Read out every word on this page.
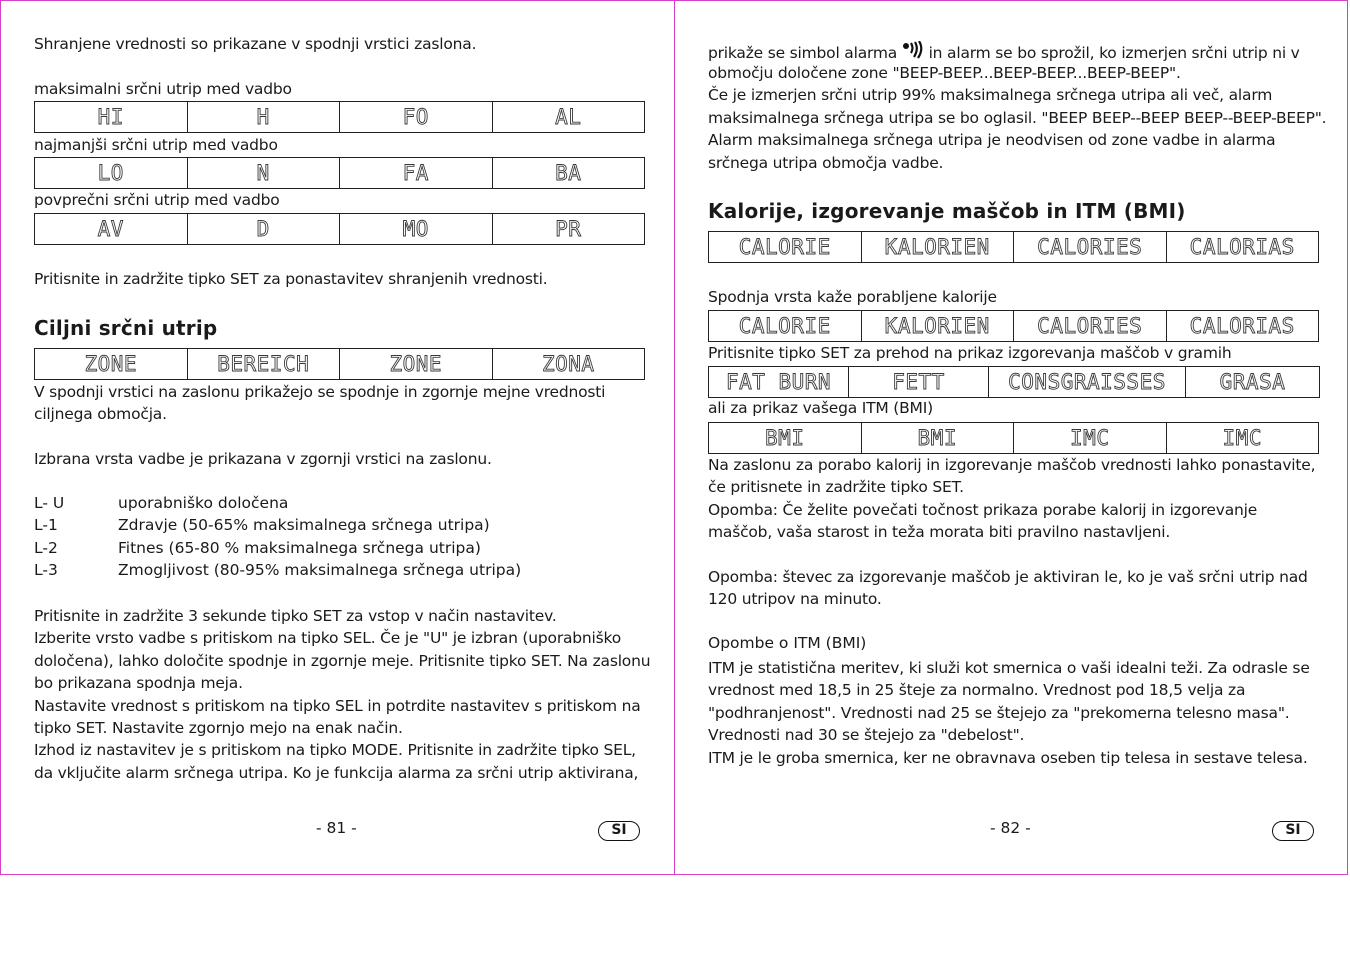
Shranjene vrednosti so prikazane v spodnji vrstici zaslona.
maksimalni srčni utrip med vadbo
HI	H	FO	AL
najmanjši srčni utrip med vadbo
LO	N	FA	BA
povprečni srčni utrip med vadbo
AV	D	MO	PR
Pritisnite in zadržite tipko SET za ponastavitev shranjenih vrednosti.
Ciljni srčni utrip
ZONE	BEREICH	ZONE	ZONA

V spodnji vrstici na zaslonu prikažejo se spodnje in zgornje mejne vrednosti

ciljnega območja.

Izbrana vrsta vadbe je prikazana v zgornji vrstici na zaslonu.
L- U	uporabniško določena
L-1	Zdravje (50-65% maksimalnega srčnega utripa)
L-2	Fitnes (65-80 % maksimalnega srčnega utripa)
L-3	Zmogljivost (80-95% maksimalnega srčnega utripa)

Pritisnite in zadržite 3 sekunde tipko SET za vstop v način nastavitev.

Izberite vrsto vadbe s pritiskom na tipko SEL. Če je "U" je izbran (uporabniško

določena), lahko določite spodnje in zgornje meje. Pritisnite tipko SET. Na zaslonu

bo prikazana spodnja meja.

Nastavite vrednost s pritiskom na tipko SEL in potrdite nastavitev s pritiskom na

tipko SET. Nastavite zgornjo mejo na enak način.

Izhod iz nastavitev je s pritiskom na tipko MODE. Pritisnite in zadržite tipko SEL,

da vključite alarm srčnega utripa. Ko je funkcija alarma za srčni utrip aktivirana,

- 81 -	SI
prikaže se simbol alarma in alarm se bo sprožil, ko izmerjen srčni utrip ni v

območju določene zone "BEEP-BEEP...BEEP-BEEP...BEEP-BEEP".

Če je izmerjen srčni utrip 99% maksimalnega srčnega utripa ali več, alarm

maksimalnega srčnega utripa se bo oglasil. "BEEP BEEP--BEEP BEEP--BEEP-BEEP".

Alarm maksimalnega srčnega utripa je neodvisen od zone vadbe in alarma

srčnega utripa območja vadbe.

Kalorije, izgorevanje maščob in ITM (BMI)
CALORIE	KALORIEN	CALORIES	CALORIAS
Spodnja vrsta kaže porabljene kalorije
CALORIE	KALORIEN	CALORIES	CALORIAS
Pritisnite tipko SET za prehod na prikaz izgorevanja maščob v gramih
FAT BURN	FETT	CONSGRAISSES	GRASA
ali za prikaz vašega ITM (BMI)
BMI	BMI	IMC	IMC

Na zaslonu za porabo kalorij in izgorevanje maščob vrednosti lahko ponastavite,

če pritisnete in zadržite tipko SET.

Opomba: Če želite povečati točnost prikaza porabe kalorij in izgorevanje

maščob, vaša starost in teža morata biti pravilno nastavljeni.

Opomba: števec za izgorevanje maščob je aktiviran le, ko je vaš srčni utrip nad

120 utripov na minuto.

Opombe o ITM (BMI)

ITM je statistična meritev, ki služi kot smernica o vaši idealni teži. Za odrasle se

vrednost med 18,5 in 25 šteje za normalno. Vrednost pod 18,5 velja za

"podhranjenost". Vrednosti nad 25 se štejejo za "prekomerna telesno masa".

Vrednosti nad 30 se štejejo za "debelost".

ITM je le groba smernica, ker ne obravnava oseben tip telesa in sestave telesa.

- 82 -	SI
